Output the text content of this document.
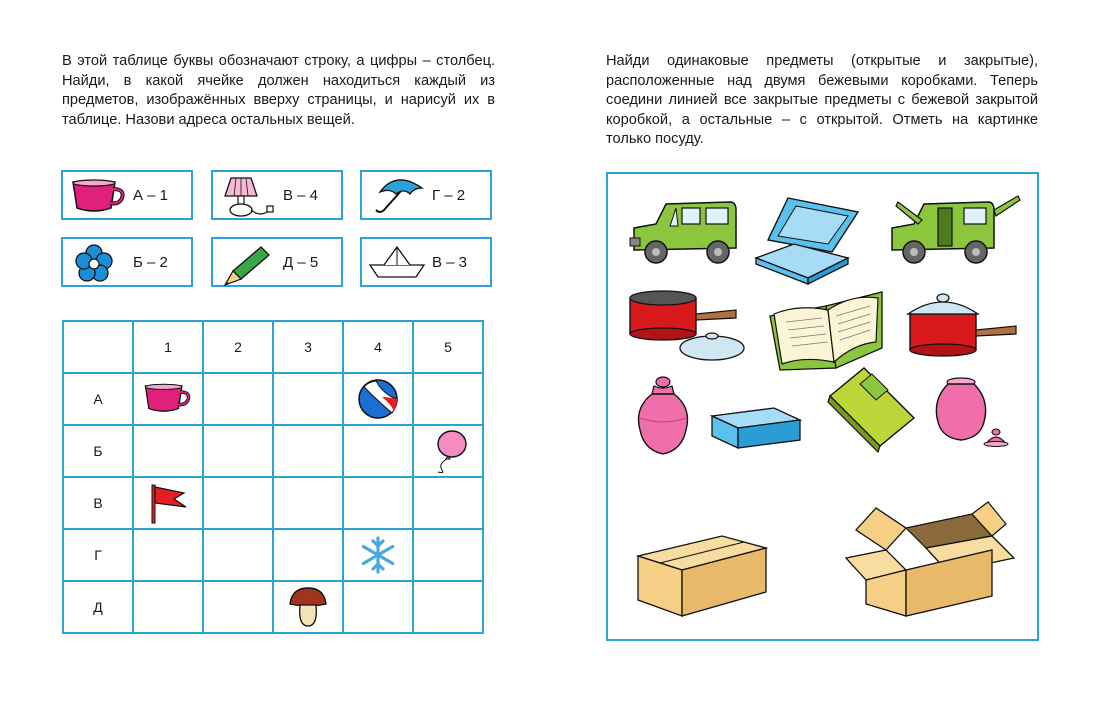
В этой таблице буквы обозначают строку, а цифры – столбец. Найди, в какой ячейке должен находиться каждый из предметов, изображённых вверху страницы, и нарисуй их в таблице. Назови адреса остальных вещей.

А – 1	В – 4	Г – 2
Б – 2	Д – 5	В – 3
	1	2	3	4	5
А	

Б					

В	

Г				

Д			

Найди одинаковые предметы (открытые и закрытые), расположенные над двумя бежевыми коробками. Теперь соедини линией все закрытые предметы с бежевой закрытой коробкой, а остальные – с открытой. Отметь на картинке только посуду.
